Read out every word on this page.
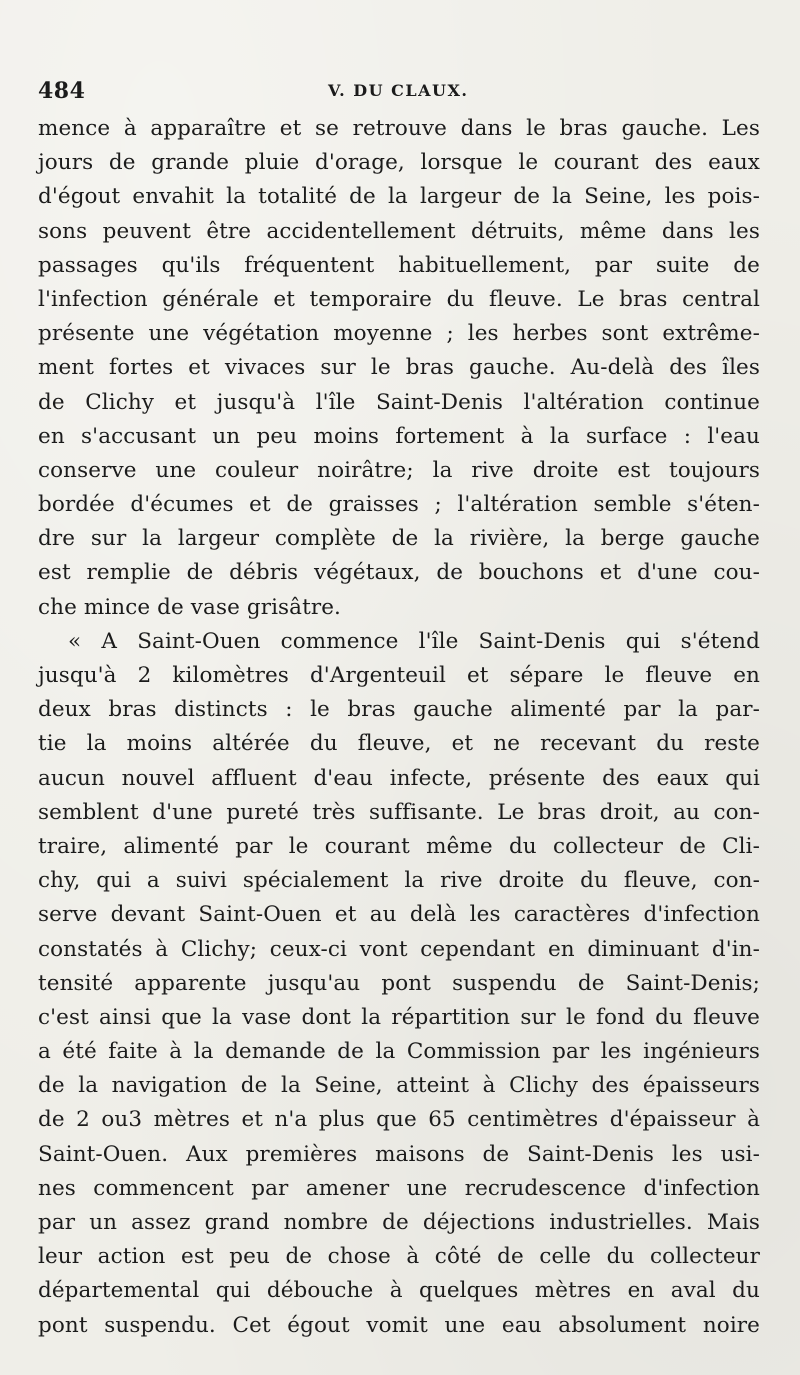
484	V. DU CLAUX.
mence à apparaître et se retrouve dans le bras gauche. Les
jours de grande pluie d'orage, lorsque le courant des eaux
d'égout envahit la totalité de la largeur de la Seine, les pois-
sons peuvent être accidentellement détruits, même dans les
passages qu'ils fréquentent habituellement, par suite de
l'infection générale et temporaire du fleuve. Le bras central
présente une végétation moyenne ; les herbes sont extrême-
ment fortes et vivaces sur le bras gauche. Au-delà des îles
de Clichy et jusqu'à l'île Saint-Denis l'altération continue
en s'accusant un peu moins fortement à la surface : l'eau
conserve une couleur noirâtre; la rive droite est toujours
bordée d'écumes et de graisses ; l'altération semble s'éten-
dre sur la largeur complète de la rivière, la berge gauche
est remplie de débris végétaux, de bouchons et d'une cou-
che mince de vase grisâtre.
« A Saint-Ouen commence l'île Saint-Denis qui s'étend
jusqu'à 2 kilomètres d'Argenteuil et sépare le fleuve en
deux bras distincts : le bras gauche alimenté par la par-
tie la moins altérée du fleuve, et ne recevant du reste
aucun nouvel affluent d'eau infecte, présente des eaux qui
semblent d'une pureté très suffisante. Le bras droit, au con-
traire, alimenté par le courant même du collecteur de Cli-
chy, qui a suivi spécialement la rive droite du fleuve, con-
serve devant Saint-Ouen et au delà les caractères d'infection
constatés à Clichy; ceux-ci vont cependant en diminuant d'in-
tensité apparente jusqu'au pont suspendu de Saint-Denis;
c'est ainsi que la vase dont la répartition sur le fond du fleuve
a été faite à la demande de la Commission par les ingénieurs
de la navigation de la Seine, atteint à Clichy des épaisseurs
de 2 ou3 mètres et n'a plus que 65 centimètres d'épaisseur à
Saint-Ouen. Aux premières maisons de Saint-Denis les usi-
nes commencent par amener une recrudescence d'infection
par un assez grand nombre de déjections industrielles. Mais
leur action est peu de chose à côté de celle du collecteur
départemental qui débouche à quelques mètres en aval du
pont suspendu. Cet égout vomit une eau absolument noire
